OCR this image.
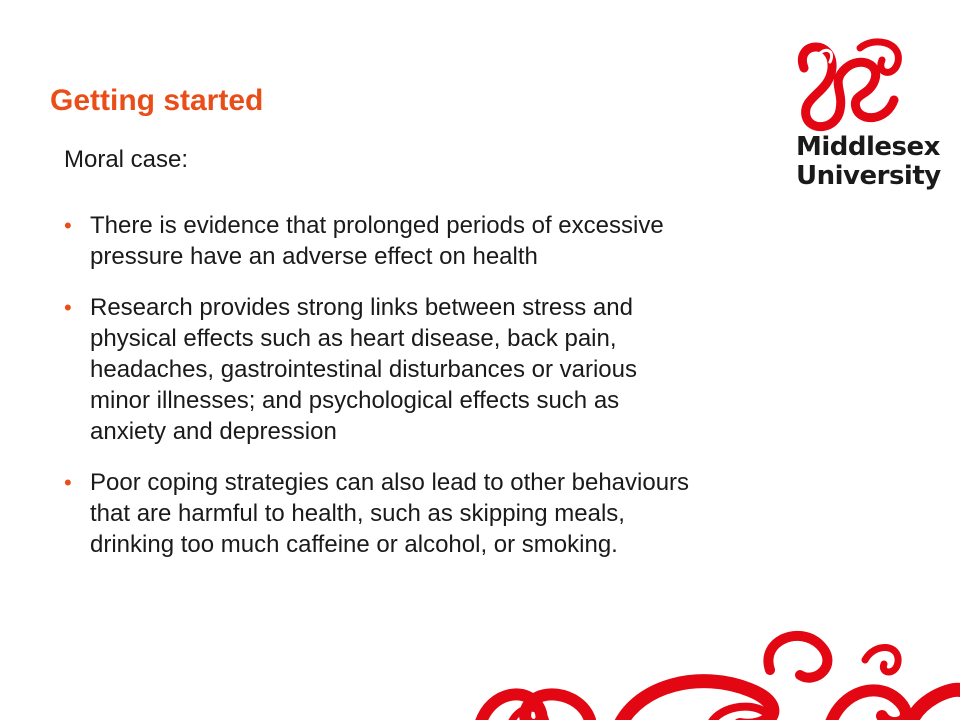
Getting started

Moral case:

• There is evidence that prolonged periods of excessive
pressure have an adverse effect on health
• Research provides strong links between stress and
physical effects such as heart disease, back pain,
headaches, gastrointestinal disturbances or various
minor illnesses; and psychological effects such as
anxiety and depression
• Poor coping strategies can also lead to other behaviours
that are harmful to health, such as skipping meals,
drinking too much caffeine or alcohol, or smoking.

Middlesex
University
